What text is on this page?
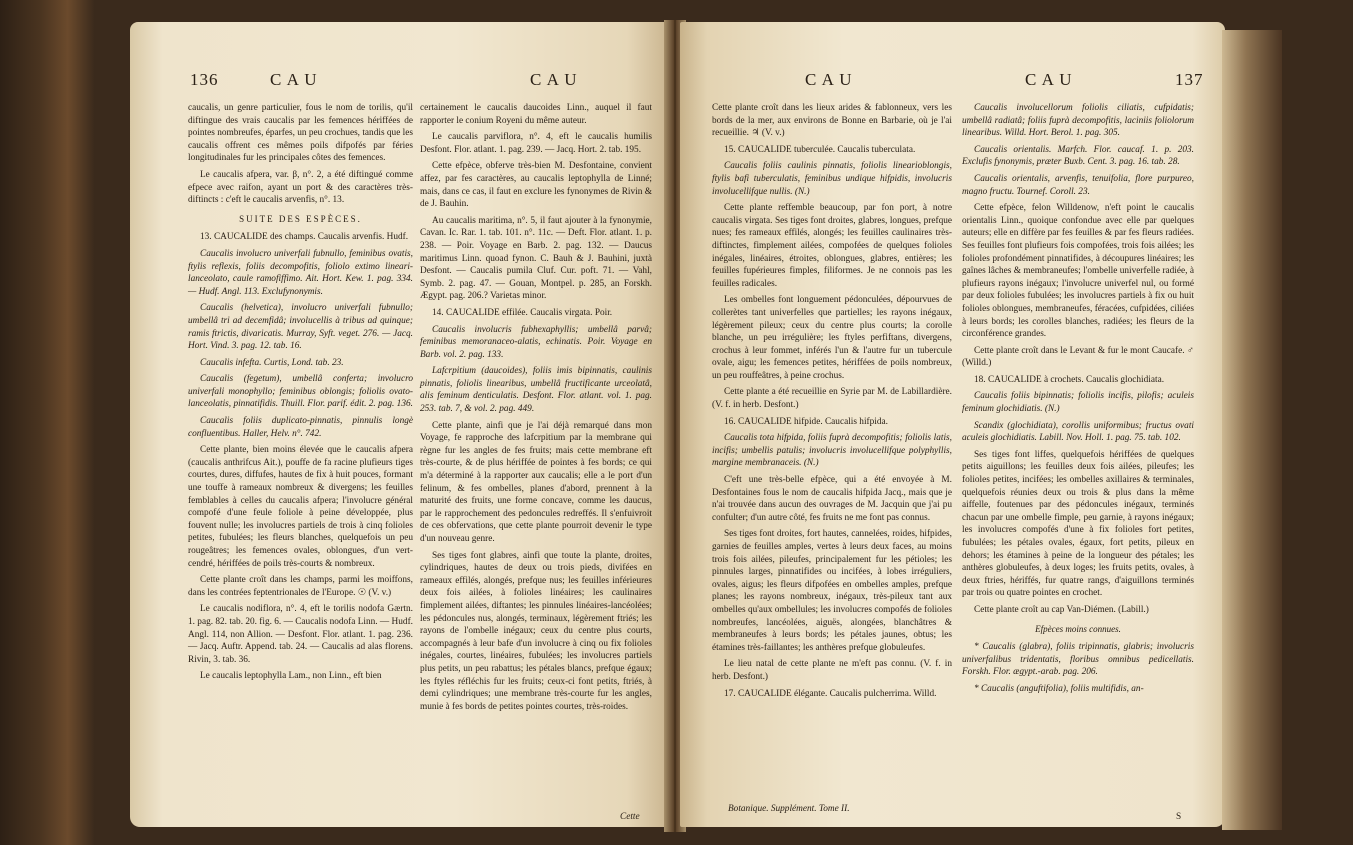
136	C A U	C A U

caucalis, un genre particulier, fous le nom de torilis, qu'il diftingue des vrais caucalis par les femences hériffées de pointes nombreufes, éparfes, un peu crochues, tandis que les caucalis offrent ces mêmes poils difpofés par féries longitudinales fur les principales côtes des femences.

Le caucalis afpera, var. β, n°. 2, a été diftingué comme efpece avec raifon, ayant un port & des caractères très-diftincts : c'eft le caucalis arvenfis, n°. 13.

SUITE DES ESPÈCES.

13. CAUCALIDE des champs. Caucalis arvenfis. Hudf.

Caucalis involucro univerfali fubnullo, feminibus ovatis, ftylis reflexis, foliis decompofitis, foliolo extimo lineari-lanceolato, caule ramofiffimo. Ait. Hort. Kew. 1. pag. 334. — Hudf. Angl. 113. Exclufynonymis.

Caucalis (helvetica), involucro univerfali fubnullo; umbellâ tri ad decemfidâ; involucellis à tribus ad quinque; ramis ftrictis, divaricatis. Murray, Syft. veget. 276. — Jacq. Hort. Vind. 3. pag. 12. tab. 16.

Caucalis infefta. Curtis, Lond. tab. 23.

Caucalis (fegetum), umbellâ conferta; involucro univerfali monophyllo; feminibus oblongis; foliolis ovato-lanceolatis, pinnatifidis. Thuill. Flor. parif. édit. 2. pag. 136.

Caucalis foliis duplicato-pinnatis, pinnulis longè confluentibus. Haller, Helv. n°. 742.

Cette plante, bien moins élevée que le caucalis afpera (caucalis anthrifcus Ait.), pouffe de fa racine plufieurs tiges courtes, dures, diffufes, hautes de fix à huit pouces, formant une touffe à rameaux nombreux & divergens; les feuilles femblables à celles du caucalis afpera; l'involucre général compofé d'une feule foliole à peine développée, plus fouvent nulle; les involucres partiels de trois à cinq folioles petites, fubulées; les fleurs blanches, quelquefois un peu rougeâtres; les femences ovales, oblongues, d'un vert-cendré, hériffées de poils très-courts & nombreux.

Cette plante croît dans les champs, parmi les moiffons, dans les contrées feptentrionales de l'Europe. ☉ (V. v.)

Le caucalis nodiflora, n°. 4, eft le torilis nodofa Gærtn. 1. pag. 82. tab. 20. fig. 6. — Caucalis nodofa Linn. — Hudf. Angl. 114, non Allion. — Desfont. Flor. atlant. 1. pag. 236. — Jacq. Auftr. Append. tab. 24. — Caucalis ad alas florens. Rivin, 3. tab. 36.

Le caucalis leptophylla Lam., non Linn., eft bien

certainement le caucalis daucoides Linn., auquel il faut rapporter le conium Royeni du même auteur.

Le caucalis parviflora, n°. 4, eft le caucalis humilis Desfont. Flor. atlant. 1. pag. 239. — Jacq. Hort. 2. tab. 195.

Cette efpèce, obferve très-bien M. Desfontaine, convient affez, par fes caractères, au caucalis leptophylla de Linné; mais, dans ce cas, il faut en exclure les fynonymes de Rivin & de J. Bauhin.

Au caucalis maritima, n°. 5, il faut ajouter à la fynonymie, Cavan. Ic. Rar. 1. tab. 101. n°. 11c. — Deft. Flor. atlant. 1. p. 238. — Poir. Voyage en Barb. 2. pag. 132. — Daucus maritimus Linn. quoad fynon. C. Bauh & J. Bauhini, juxtà Desfont. — Caucalis pumila Cluf. Cur. poft. 71. — Vahl, Symb. 2. pag. 47. — Gouan, Montpel. p. 285, an Forskh. Ægypt. pag. 206.? Varietas minor.

14. CAUCALIDE effilée. Caucalis virgata. Poir.

Caucalis involucris fubhexaphyllis; umbellâ parvâ; feminibus memoranaceo-alatis, echinatis. Poir. Voyage en Barb. vol. 2. pag. 133.

Lafcrpitium (daucoides), foliis imis bipinnatis, caulinis pinnatis, foliolis linearibus, umbellâ fructificante urceolatâ, alis feminum denticulatis. Desfont. Flor. atlant. vol. 1. pag. 253. tab. 7, & vol. 2. pag. 449.

Cette plante, ainfi que je l'ai déjà remarqué dans mon Voyage, fe rapproche des lafcrpitium par la membrane qui règne fur les angles de fes fruits; mais cette membrane eft très-courte, & de plus hériffée de pointes à fes bords; ce qui m'a déterminé à la rapporter aux caucalis; elle a le port d'un felinum, & fes ombelles, planes d'abord, prennent à la maturité des fruits, une forme concave, comme les daucus, par le rapprochement des pedoncules redreffés. Il s'enfuivroit de ces obfervations, que cette plante pourroit devenir le type d'un nouveau genre.

Ses tiges font glabres, ainfi que toute la plante, droites, cylindriques, hautes de deux ou trois pieds, divifées en rameaux effilés, alongés, prefque nus; les feuilles inférieures deux fois ailées, à folioles linéaires; les caulinaires fimplement ailées, diftantes; les pinnules linéaires-lancéolées; les pédoncules nus, alongés, terminaux, légèrement ftriés; les rayons de l'ombelle inégaux; ceux du centre plus courts, accompagnés à leur bafe d'un involucre à cinq ou fix folioles inégales, courtes, linéaires, fubulées; les involucres partiels plus petits, un peu rabattus; les pétales blancs, prefque égaux; les ftyles réfléchis fur les fruits; ceux-ci font petits, ftriés, à demi cylindriques; une membrane très-courte fur les angles, munie à fes bords de petites pointes courtes, très-roides.

Cette
C A U	C A U	137

Cette plante croît dans les lieux arides & fablonneux, vers les bords de la mer, aux environs de Bonne en Barbarie, où je l'ai recueillie. ♃ (V. v.)

15. CAUCALIDE tuberculée. Caucalis tuberculata.

Caucalis foliis caulinis pinnatis, foliolis linearioblongis, ftylis bafi tuberculatis, feminibus undique hifpidis, involucris involucellifque nullis. (N.)

Cette plante reffemble beaucoup, par fon port, à notre caucalis virgata. Ses tiges font droites, glabres, longues, prefque nues; fes rameaux effilés, alongés; les feuilles caulinaires très-diftinctes, fimplement ailées, compofées de quelques folioles inégales, linéaires, étroites, oblongues, glabres, entières; les feuilles fupérieures fimples, filiformes. Je ne connois pas les feuilles radicales.

Les ombelles font longuement pédonculées, dépourvues de collerètes tant univerfelles que partielles; les rayons inégaux, légèrement pileux; ceux du centre plus courts; la corolle blanche, un peu irrégulière; les ftyles perfiftans, divergens, crochus à leur fommet, inférés l'un & l'autre fur un tubercule ovale, aigu; les femences petites, hériffées de poils nombreux, un peu rouffeâtres, à peine crochus.

Cette plante a été recueillie en Syrie par M. de Labillardière. (V. f. in herb. Desfont.)

16. CAUCALIDE hifpide. Caucalis hifpida.

Caucalis tota hifpida, foliis fuprà decompofitis; foliolis latis, incifis; umbellis patulis; involucris involucellifque polyphyllis, margine membranaceis. (N.)

C'eft une très-belle efpèce, qui a été envoyée à M. Desfontaines fous le nom de caucalis hifpida Jacq., mais que je n'ai trouvée dans aucun des ouvrages de M. Jacquin que j'ai pu confulter; d'un autre côté, fes fruits ne me font pas connus.

Ses tiges font droites, fort hautes, cannelées, roides, hifpides, garnies de feuilles amples, vertes à leurs deux faces, au moins trois fois ailées, pileufes, principalement fur les pétioles; les pinnules larges, pinnatifides ou incifées, à lobes irréguliers, ovales, aigus; les fleurs difpofées en ombelles amples, prefque planes; les rayons nombreux, inégaux, très-pileux tant aux ombelles qu'aux ombellules; les involucres compofés de folioles nombreufes, lancéolées, aiguës, alongées, blanchâtres & membraneufes à leurs bords; les pétales jaunes, obtus; les étamines très-faillantes; les anthères prefque globuleufes.

Le lieu natal de cette plante ne m'eft pas connu. (V. f. in herb. Desfont.)

17. CAUCALIDE élégante. Caucalis pulcherrima. Willd.

Botanique. Supplément. Tome II.

Caucalis involucellorum foliolis ciliatis, cufpidatis; umbellâ radiatâ; foliis fuprà decompofitis, laciniis foliolorum linearibus. Willd. Hort. Berol. 1. pag. 305.

Caucalis orientalis. Marfch. Flor. caucaf. 1. p. 203. Exclufis fynonymis, præter Buxb. Cent. 3. pag. 16. tab. 28.

Caucalis orientalis, arvenfis, tenuifolia, flore purpureo, magno fructu. Tournef. Coroll. 23.

Cette efpèce, felon Willdenow, n'eft point le caucalis orientalis Linn., quoique confondue avec elle par quelques auteurs; elle en diffère par fes feuilles & par fes fleurs radiées. Ses feuilles font plufieurs fois compofées, trois fois ailées; les folioles profondément pinnatifides, à découpures linéaires; les gaînes lâches & membraneufes; l'ombelle univerfelle radiée, à plufieurs rayons inégaux; l'involucre univerfel nul, ou formé par deux folioles fubulées; les involucres partiels à fix ou huit folioles oblongues, membraneufes, féracées, cufpidées, ciliées à leurs bords; les corolles blanches, radiées; les fleurs de la circonférence grandes.

Cette plante croît dans le Levant & fur le mont Caucafe. ♂ (Willd.)

18. CAUCALIDE à crochets. Caucalis glochidiata.

Caucalis foliis bipinnatis; foliolis incifis, pilofis; aculeis feminum glochidiatis. (N.)

Scandix (glochidiata), corollis uniformibus; fructus ovati aculeis glochidiatis. Labill. Nov. Holl. 1. pag. 75. tab. 102.

Ses tiges font liffes, quelquefois hériffées de quelques petits aiguillons; les feuilles deux fois ailées, pileufes; les folioles petites, incifées; les ombelles axillaires & terminales, quelquefois réunies deux ou trois & plus dans la même aiffelle, foutenues par des pédoncules inégaux, terminés chacun par une ombelle fimple, peu garnie, à rayons inégaux; les involucres compofés d'une à fix folioles fort petites, fubulées; les pétales ovales, égaux, fort petits, pileux en dehors; les étamines à peine de la longueur des pétales; les anthères globuleufes, à deux loges; les fruits petits, ovales, à deux ftries, hériffés, fur quatre rangs, d'aiguillons terminés par trois ou quatre pointes en crochet.

Cette plante croît au cap Van-Diémen. (Labill.)

Efpèces moins connues.

* Caucalis (glabra), foliis tripinnatis, glabris; involucris univerfalibus tridentatis, floribus omnibus pedicellatis. Forskh. Flor. ægypt.-arab. pag. 206.

* Caucalis (anguftifolia), foliis multifidis, an-

S
